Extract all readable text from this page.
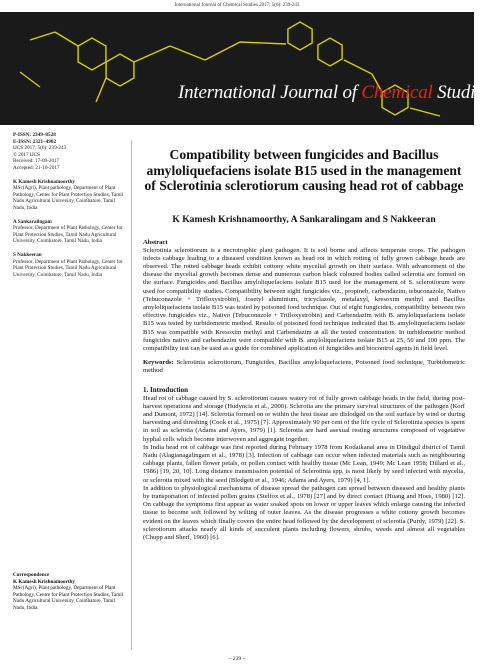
International Journal of Chemical Studies 2017; 5(6): 239-243
International Journal of Chemical Studies
P-ISSN: 2349–8528
E-ISSN: 2321–4902
IJCS 2017; 5(6): 239-243
© 2017 IJCS
Received: 17-09-2017
Accepted: 21-10-2017
K Kamesh Krishnamoorthy
MSc(Agri), Plant pathology, Department of Plant Pathology, Center for Plant Protection Studies, Tamil Nadu Agricultural University, Coimbatore, Tamil Nadu, India
A Sankaralingam
Professor, Department of Plant Pathology, Center for Plant Protection Studies, Tamil Nadu Agricultural University, Coimbatore, Tamil Nadu, India
S Nakkeeran
Professor, Department of Plant Pathology, Center for Plant Protection Studies, Tamil Nadu Agricultural University, Coimbatore, Tamil Nadu, India
Correspondence
K Kamesh Krishnamoorthy
MSc(Agri), Plant pathology, Department of Plant Pathology, Centre for Plant Protection Studies, Tamil Nadu Agricultural University, Coimbatore, Tamil Nadu, India
Compatibility between fungicides and Bacillus amyloliquefaciens isolate B15 used in the management of Sclerotinia sclerotiorum causing head rot of cabbage
K Kamesh Krishnamoorthy, A Sankaralingam and S Nakkeeran
Abstract
Sclerotinia sclerotiorum is a necrotrophic plant pathogen. It is soil borne and affects temperate crops. The pathogen infects cabbage leading to a diseased condition known as head rot in which rotting of fully grown cabbage heads are observed. The rotted cabbage heads exhibit cottony white mycelial growth on their surface. With advancement of the disease the mycelial growth becomes dense and numerous carbon black coloured bodies called sclerotia are formed on the surface. Fungicides and Bacillus amyloliquefaciens isolate B15 used for the management of S. sclerotiorum were used for compatibility studies. Compatibility between eight fungicides viz., propineb, carbendazim, tebuconazole, Nativo (Tebuconazole + Trifloxystrobin), fosetyl aluminium, tricyclazole, metalaxyl, kresoxim methyl and Bacillus amyloliquefaciens isolate B15 was tested by poisoned food technique. Out of eight fungicides, compatibility between two effective fungicides viz., Nativo (Tebuconazole + Trifloxystrobin) and Carbendazim with B. amyloliquefaciens isolate B15 was tested by turbidometric method. Results of poisoned food technique indicated that B. amyloliquefaciens isolate B15 was compatible with Kresoxim methyl and Carbendazim at all the tested concentration. In turbidometric method fungicides nativo and carbendazim were compatible with B. amyloliquefaciens isolate B15 at 25, 50 and 100 ppm. The compatibility test can be used as a guide for combined application of fungicides and biocontrol agents in field level.
Keywords: Sclerotinia sclerotiorum, Fungicides, Bacillus amyloliquefaciens, Poisoned food technique, Turbidometric method
1. Introduction

Head rot of cabbage caused by S. sclerotiorum causes watery rot of fully grown cabbage heads in the field, during post-harvest operations and storage (Hudyncia et al., 2000). Sclerotia are the primary survival structures of the pathogen (Korf and Dumont, 1972) [14]. Sclerotia formed on or within the host tissue are dislodged on the soil surface by wind or during harvesting and threshing (Cook et al., 1975) [7]. Approximately 90 per cent of the life cycle of Sclerotinia species is spent in soil as sclerotia (Adams and Ayers, 1979) [1]. Sclerotia are hard asexual resting structures composed of vegetative hyphal cells which become interwoven and aggregate together.

In India head rot of cabbage was first reported during February 1978 from Kodaikanal area in Dindigul district of Tamil Nadu (Alagianagalingam et al., 1978) [3]. Infection of cabbage can occur when infected materials such as neighbouring cabbage plants, fallen flower petals, or pollen contact with healthy tissue (Mc Lean, 1949; Mc Lean 1958; Dillard et al., 1986) [19, 20, 10]. Long distance transmission potential of Sclerotinia spp. is most likely by seed infected with mycelia, or sclerotia mixed with the seed (Blodgett et al., 1946; Adams and Ayers, 1979) [4, 1].

In addition to physiological mechanisms of disease spread the pathogen can spread between diseased and healthy plants by transportation of infected pollen grains (Stelfox et al., 1978) [27] and by direct contact (Huang and Hoes, 1980) [12]. On cabbage the symptoms first appear as water soaked spots on lower or upper leaves which enlarge causing the infected tissue to become soft followed by wilting of outer leaves. As the disease progresses a white cottony growth becomes evident on the leaves which finally covers the entire head followed by the development of sclerotia (Purdy, 1979) [22]. S. sclerotiorum attacks nearly all kinds of succulent plants including flowers, shrubs, weeds and almost all vegetables (Chupp and Sherf, 1960) [6].

~ 239 ~
